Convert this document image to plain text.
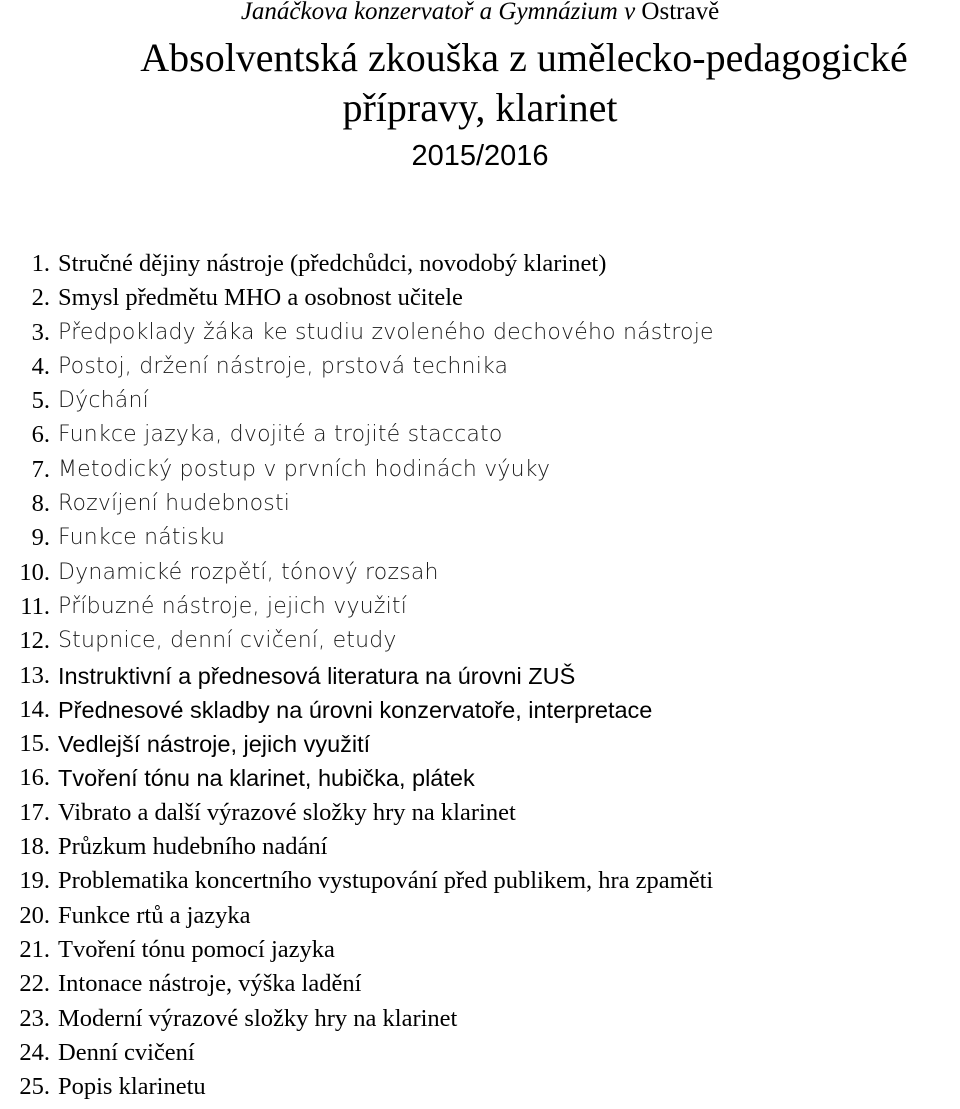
Janáčkova konzervatoř a Gymnázium v Ostravě
Absolventská zkouška z umělecko-pedagogické
přípravy, klarinet
2015/2016
1. Stručné dějiny nástroje (předchůdci, novodobý klarinet)
2. Smysl předmětu MHO a osobnost učitele
3. Předpoklady žáka ke studiu zvoleného dechového nástroje
4. Postoj, držení nástroje, prstová technika
5. Dýchání
6. Funkce jazyka, dvojité a trojité staccato
7. Metodický postup v prvních hodinách výuky
8. Rozvíjení hudebnosti
9. Funkce nátisku
10. Dynamické rozpětí, tónový rozsah
11. Příbuzné nástroje, jejich využití
12. Stupnice, denní cvičení, etudy
13. Instruktivní a přednesová literatura na úrovni ZUŠ
14. Přednesové skladby na úrovni konzervatoře, interpretace
15. Vedlejší nástroje, jejich využití
16. Tvoření tónu na klarinet, hubička, plátek
17. Vibrato a další výrazové složky hry na klarinet
18. Průzkum hudebního nadání
19. Problematika koncertního vystupování před publikem, hra zpaměti
20. Funkce rtů a jazyka
21. Tvoření tónu pomocí jazyka
22. Intonace nástroje, výška ladění
23. Moderní výrazové složky hry na klarinet
24. Denní cvičení
25. Popis klarinetu
